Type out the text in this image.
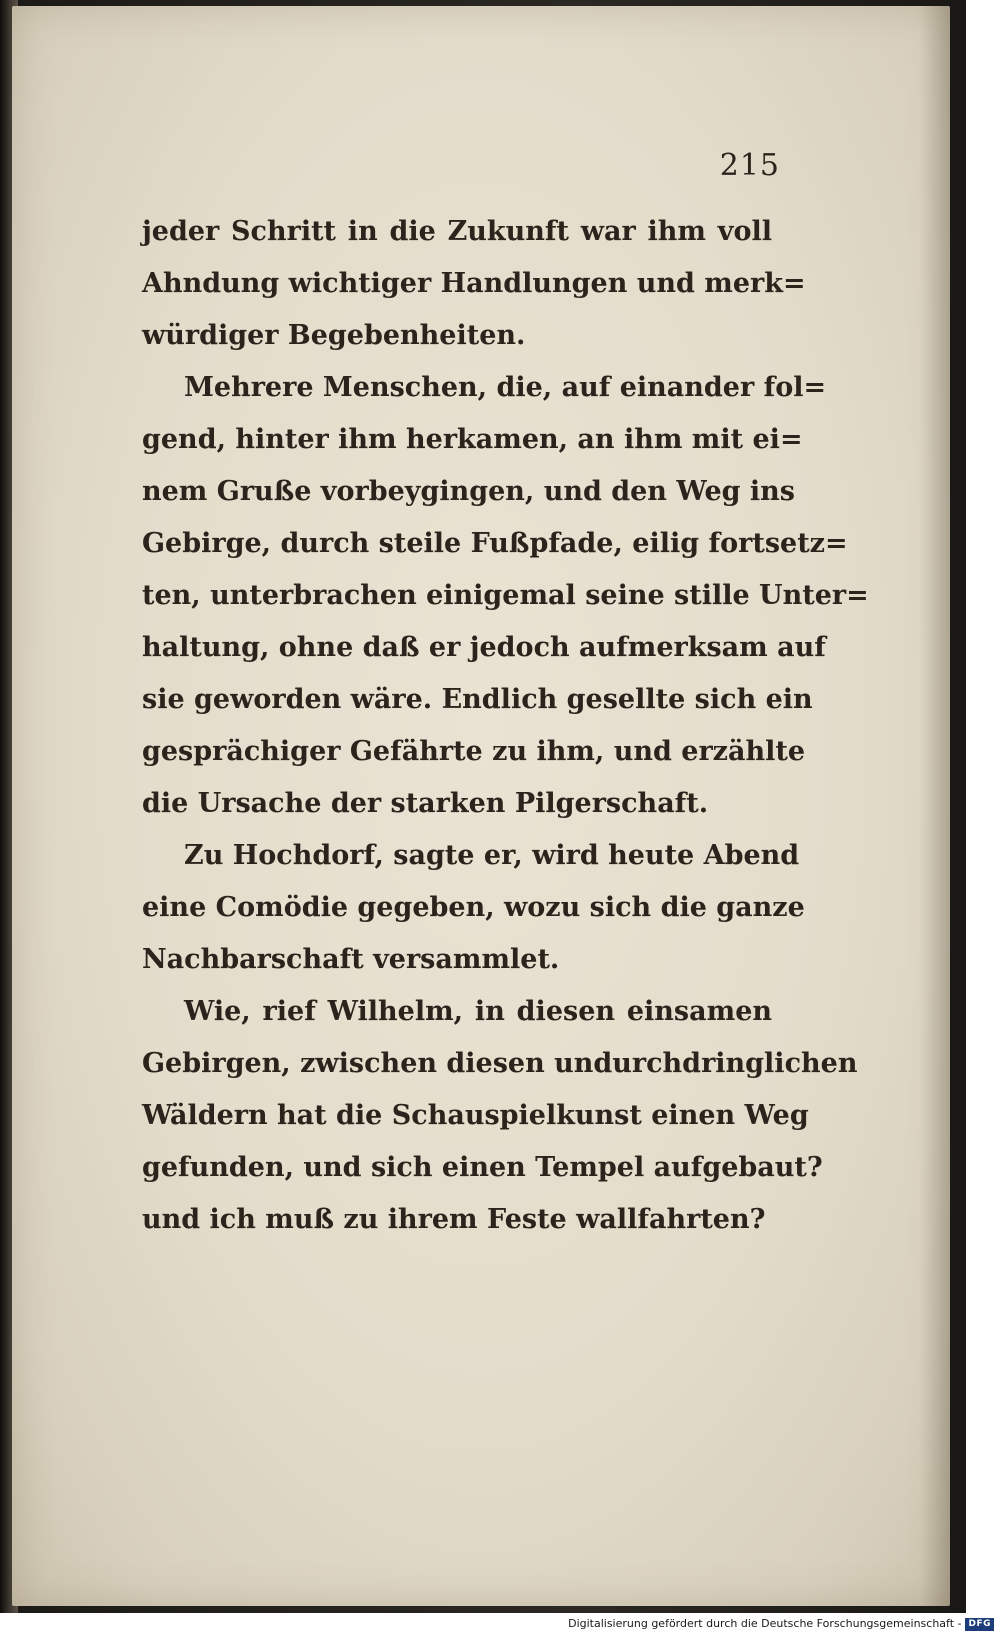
215
jeder Schritt in die Zukunft war ihm voll
Ahndung wichtiger Handlungen und merk=
würdiger Begebenheiten.
Mehrere Menschen, die, auf einander fol=
gend, hinter ihm herkamen, an ihm mit ei=
nem Gruße vorbeygingen, und den Weg ins
Gebirge, durch steile Fußpfade, eilig fortsetz=
ten, unterbrachen einigemal seine stille Unter=
haltung, ohne daß er jedoch aufmerksam auf
sie geworden wäre. Endlich gesellte sich ein
gesprächiger Gefährte zu ihm, und erzählte
die Ursache der starken Pilgerschaft.
Zu Hochdorf, sagte er, wird heute Abend
eine Comödie gegeben, wozu sich die ganze
Nachbarschaft versammlet.
Wie, rief Wilhelm, in diesen einsamen
Gebirgen, zwischen diesen undurchdringlichen
Wäldern hat die Schauspielkunst einen Weg
gefunden, und sich einen Tempel aufgebaut?
und ich muß zu ihrem Feste wallfahrten?
Digitalisierung gefördert durch die Deutsche Forschungsgemeinschaft - DFG
